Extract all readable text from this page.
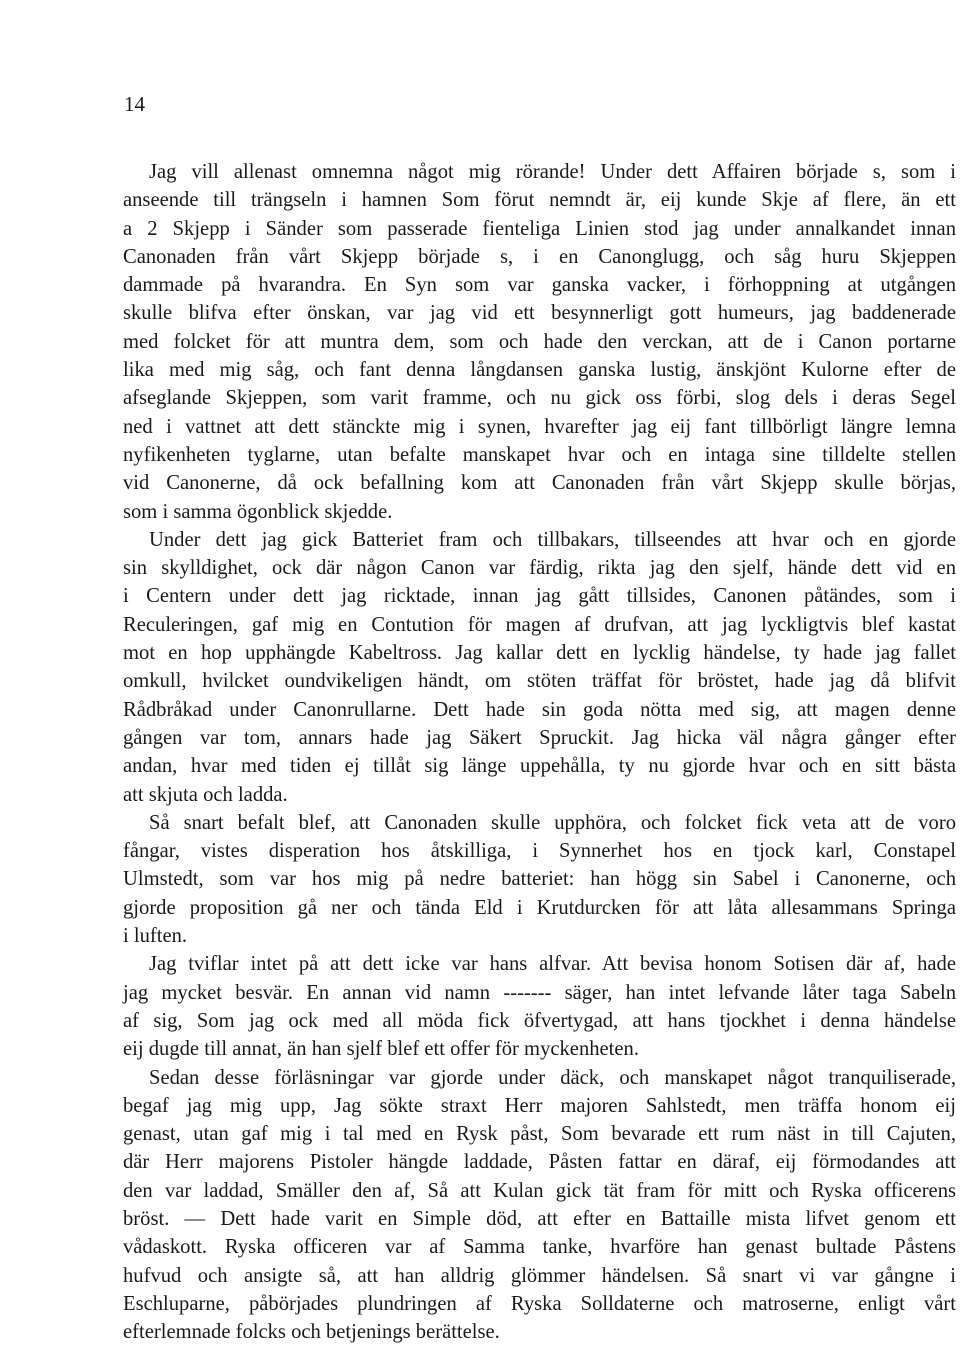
14
Jag vill allenast omnemna något mig rörande! Under dett Affairen började s, som i
anseende till trängseln i hamnen Som förut nemndt är, eij kunde Skje af flere, än ett
a 2 Skjepp i Sänder som passerade fienteliga Linien stod jag under annalkandet innan
Canonaden från vårt Skjepp började s, i en Canonglugg, och såg huru Skjeppen
dammade på hvarandra. En Syn som var ganska vacker, i förhoppning at utgången
skulle blifva efter önskan, var jag vid ett besynnerligt gott humeurs, jag baddenerade
med folcket för att muntra dem, som och hade den verckan, att de i Canon portarne
lika med mig såg, och fant denna långdansen ganska lustig, änskjönt Kulorne efter de
afseglande Skjeppen, som varit framme, och nu gick oss förbi, slog dels i deras Segel
ned i vattnet att dett stänckte mig i synen, hvarefter jag eij fant tillbörligt längre lemna
nyfikenheten tyglarne, utan befalte manskapet hvar och en intaga sine tilldelte stellen
vid Canonerne, då ock befallning kom att Canonaden från vårt Skjepp skulle börjas,
som i samma ögonblick skjedde.
Under dett jag gick Batteriet fram och tillbakars, tillseendes att hvar och en gjorde
sin skylldighet, ock där någon Canon var färdig, rikta jag den sjelf, hände dett vid en
i Centern under dett jag ricktade, innan jag gått tillsides, Canonen påtändes, som i
Reculeringen, gaf mig en Contution för magen af drufvan, att jag lyckligtvis blef kastat
mot en hop upphängde Kabeltross. Jag kallar dett en lycklig händelse, ty hade jag fallet
omkull, hvilcket oundvikeligen händt, om stöten träffat för bröstet, hade jag då blifvit
Rådbråkad under Canonrullarne. Dett hade sin goda nötta med sig, att magen denne
gången var tom, annars hade jag Säkert Spruckit. Jag hicka väl några gånger efter
andan, hvar med tiden ej tillåt sig länge uppehålla, ty nu gjorde hvar och en sitt bästa
att skjuta och ladda.
Så snart befalt blef, att Canonaden skulle upphöra, och folcket fick veta att de voro
fångar, vistes disperation hos åtskilliga, i Synnerhet hos en tjock karl, Constapel
Ulmstedt, som var hos mig på nedre batteriet: han högg sin Sabel i Canonerne, och
gjorde proposition gå ner och tända Eld i Krutdurcken för att låta allesammans Springa
i luften.
Jag tviflar intet på att dett icke var hans alfvar. Att bevisa honom Sotisen där af, hade
jag mycket besvär. En annan vid namn ------- säger, han intet lefvande låter taga Sabeln
af sig, Som jag ock med all möda fick öfvertygad, att hans tjockhet i denna händelse
eij dugde till annat, än han sjelf blef ett offer för myckenheten.
Sedan desse förläsningar var gjorde under däck, och manskapet något tranquiliserade,
begaf jag mig upp, Jag sökte straxt Herr majoren Sahlstedt, men träffa honom eij
genast, utan gaf mig i tal med en Rysk påst, Som bevarade ett rum näst in till Cajuten,
där Herr majorens Pistoler hängde laddade, Påsten fattar en däraf, eij förmodandes att
den var laddad, Smäller den af, Så att Kulan gick tät fram för mitt och Ryska officerens
bröst. — Dett hade varit en Simple död, att efter en Battaille mista lifvet genom ett
vådaskott. Ryska officeren var af Samma tanke, hvarföre han genast bultade Påstens
hufvud och ansigte så, att han alldrig glömmer händelsen. Så snart vi var gångne i
Eschluparne, påbörjades plundringen af Ryska Solldaterne och matroserne, enligt vårt
efterlemnade folcks och betjenings berättelse.
